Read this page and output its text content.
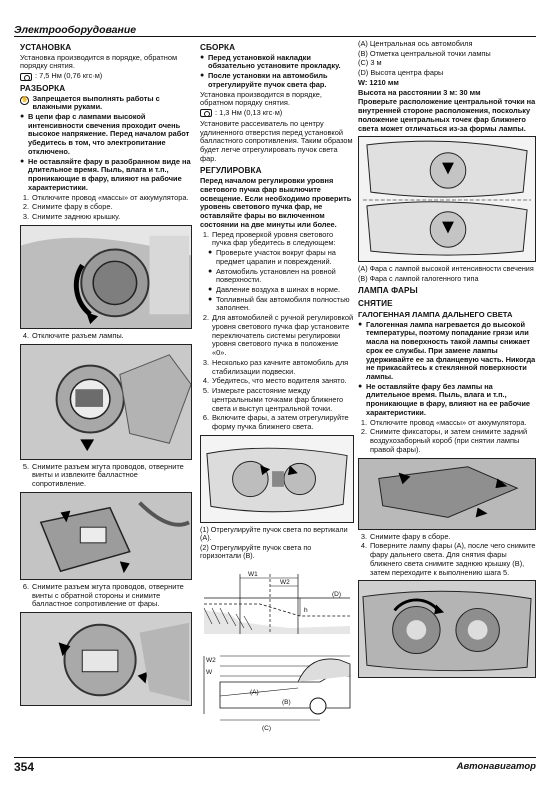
Электрооборудование
УСТАНОВКА

Установка производится в порядке, обратном порядку снятия.

: 7,5 Нм (0,76 кгс·м)
РАЗБОРКА
✋ Запрещается выполнять работы с влажными руками.
● В цепи фар с лампами высокой интенсивности свечения проходит очень высокое напряжение. Перед началом работ убедитесь в том, что электропитание отключено.
● Не оставляйте фару в разобранном виде на длительное время. Пыль, влага и т.п., проникающие в фару, влияют на рабочие характеристики.
1. Отключите провод «массы» от аккумулятора.
2. Снимите фару в сборе.
3. Снимите заднюю крышку.
4. Отключите разъем лампы.
5. Снимите разъем жгута проводов, отверните винты и извлеките балластное сопротивление.
6. Снимите разъем жгута проводов, отверните винты с обратной стороны и снимите балластное сопротивление от фары.
СБОРКА
● Перед установкой накладки обязательно установите прокладку.
● После установки на автомобиль отрегулируйте пучок света фар.

Установка производится в порядке, обратном порядку снятия.

: 1,3 Нм (0,13 кгс·м)

Установите рассеиватель по центру удлиненного отверстия перед установкой балластного сопротивления. Таким образом будет легче отрегулировать пучок света фар.

РЕГУЛИРОВКА

Перед началом регулировки уровня светового пучка фар выключите освещение. Если необходимо проверить уровень светового пучка фар, не оставляйте фары во включенном состоянии на две минуты или более.

1. Перед проверкой уровня светового пучка фар убедитесь в следующем:
● Проверьте участок вокруг фары на предмет царапин и повреждений.
● Автомобиль установлен на ровной поверхности.
● Давление воздуха в шинах в норме.
● Топливный бак автомобиля полностью заполнен.
2. Для автомобилей с ручной регулировкой уровня светового пучка фар установите переключатель системы регулировки уровня светового пучка в положение «0».
3. Несколько раз качните автомобиль для стабилизации подвески.
4. Убедитесь, что место водителя занято.
5. Измерьте расстояние между центральными точками фар ближнего света и выступ центральной точки.
6. Включите фары, а затем отрегулируйте форму пучка ближнего света.

(1) Отрегулируйте пучок света по вертикали (A).

(2) Отрегулируйте пучок света по горизонтали (B).

W1
W2
(D)
h
W2
W
(A)
(B)
(C)

(A) Центральная ось автомобиля

(B) Отметка центральной точки лампы

(C) 3 м

(D) Высота центра фары

W: 1210 мм

Высота на расстоянии 3 м: 30 мм

Проверьте расположение центральной точки на внутренней стороне расположения, поскольку положение центральных точек фар ближнего света может отличаться из-за формы лампы.

(A) Фара с лампой высокой интенсивности свечения

(B) Фара с лампой галогенного типа

ЛАМПА ФАРЫ
СНЯТИЕ
ГАЛОГЕННАЯ ЛАМПА ДАЛЬНЕГО СВЕТА
● Галогенная лампа нагревается до высокой температуры, поэтому попадание грязи или масла на поверхность такой лампы снижает срок ее службы. При замене лампы удерживайте ее за фланцевую часть. Никогда не прикасайтесь к стеклянной поверхности лампы.
● Не оставляйте фару без лампы на длительное время. Пыль, влага и т.п., проникающие в фару, влияют на ее рабочие характеристики.
1. Отключите провод «массы» от аккумулятора.
2. Снимите фиксаторы, и затем снимите задний воздухозаборный короб (при снятии лампы правой фары).
3. Снимите фару в сборе.
4. Поверните лампу фары (A), после чего снимите фару дальнего света. Для снятия фары ближнего света снимите заднюю крышку (B), затем переходите к выполнению шага 5.
354	Автонавигатор
